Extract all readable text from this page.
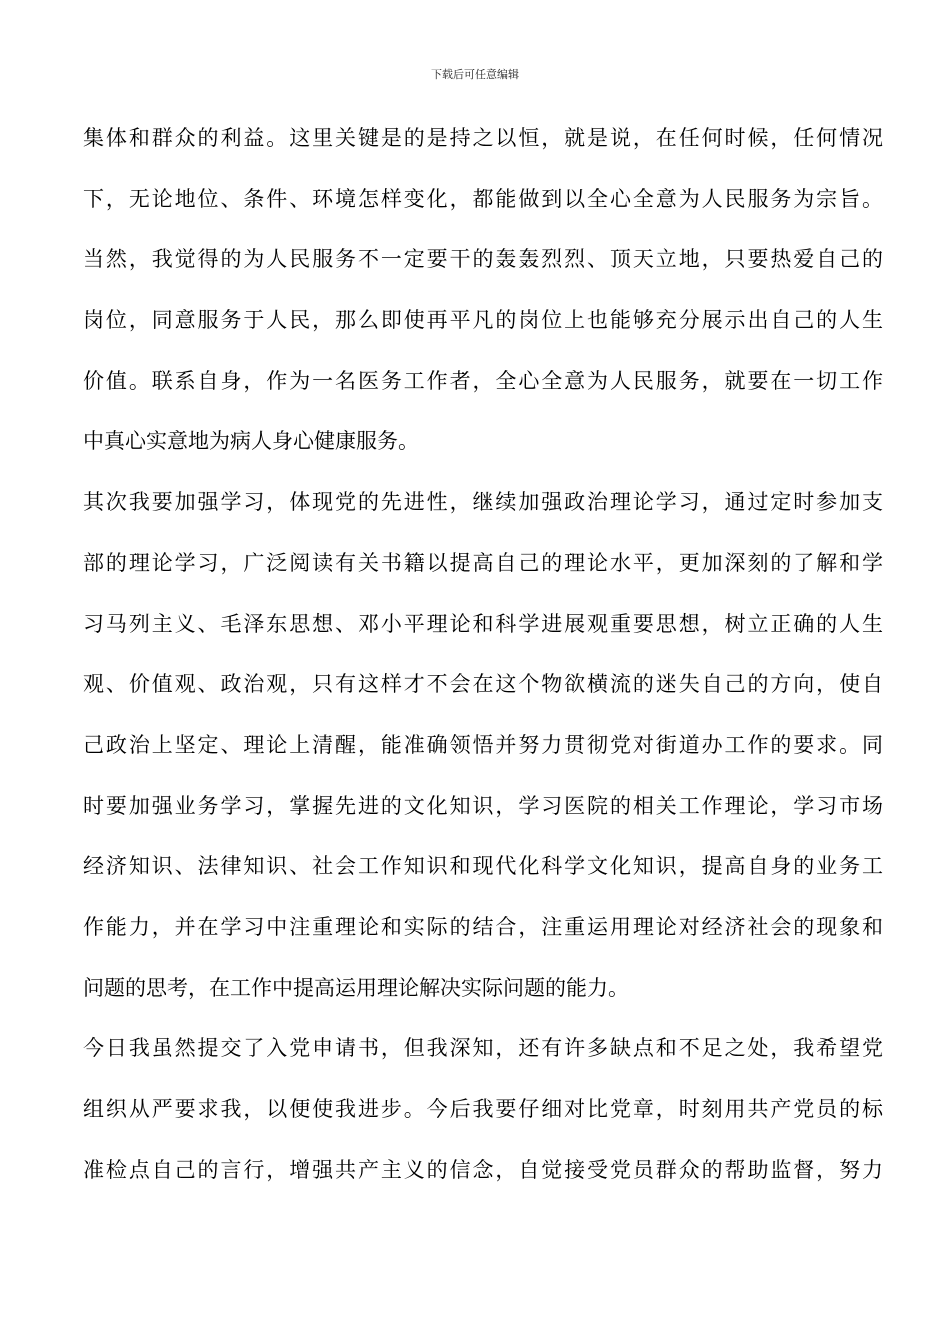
下载后可任意编辑
集体和群众的利益。这里关键是的是持之以恒，就是说，在任何时候，任何情况
下，无论地位、条件、环境怎样变化，都能做到以全心全意为人民服务为宗旨。
当然，我觉得的为人民服务不一定要干的轰轰烈烈、顶天立地，只要热爱自己的
岗位，同意服务于人民，那么即使再平凡的岗位上也能够充分展示出自己的人生
价值。联系自身，作为一名医务工作者，全心全意为人民服务，就要在一切工作
中真心实意地为病人身心健康服务。
其次我要加强学习，体现党的先进性，继续加强政治理论学习，通过定时参加支
部的理论学习，广泛阅读有关书籍以提高自己的理论水平，更加深刻的了解和学
习马列主义、毛泽东思想、邓小平理论和科学进展观重要思想，树立正确的人生
观、价值观、政治观，只有这样才不会在这个物欲横流的迷失自己的方向，使自
己政治上坚定、理论上清醒，能准确领悟并努力贯彻党对街道办工作的要求。同
时要加强业务学习，掌握先进的文化知识，学习医院的相关工作理论，学习市场
经济知识、法律知识、社会工作知识和现代化科学文化知识，提高自身的业务工
作能力，并在学习中注重理论和实际的结合，注重运用理论对经济社会的现象和
问题的思考，在工作中提高运用理论解决实际问题的能力。
今日我虽然提交了入党申请书，但我深知，还有许多缺点和不足之处，我希望党
组织从严要求我，以便使我进步。今后我要仔细对比党章，时刻用共产党员的标
准检点自己的言行，增强共产主义的信念，自觉接受党员群众的帮助监督，努力
